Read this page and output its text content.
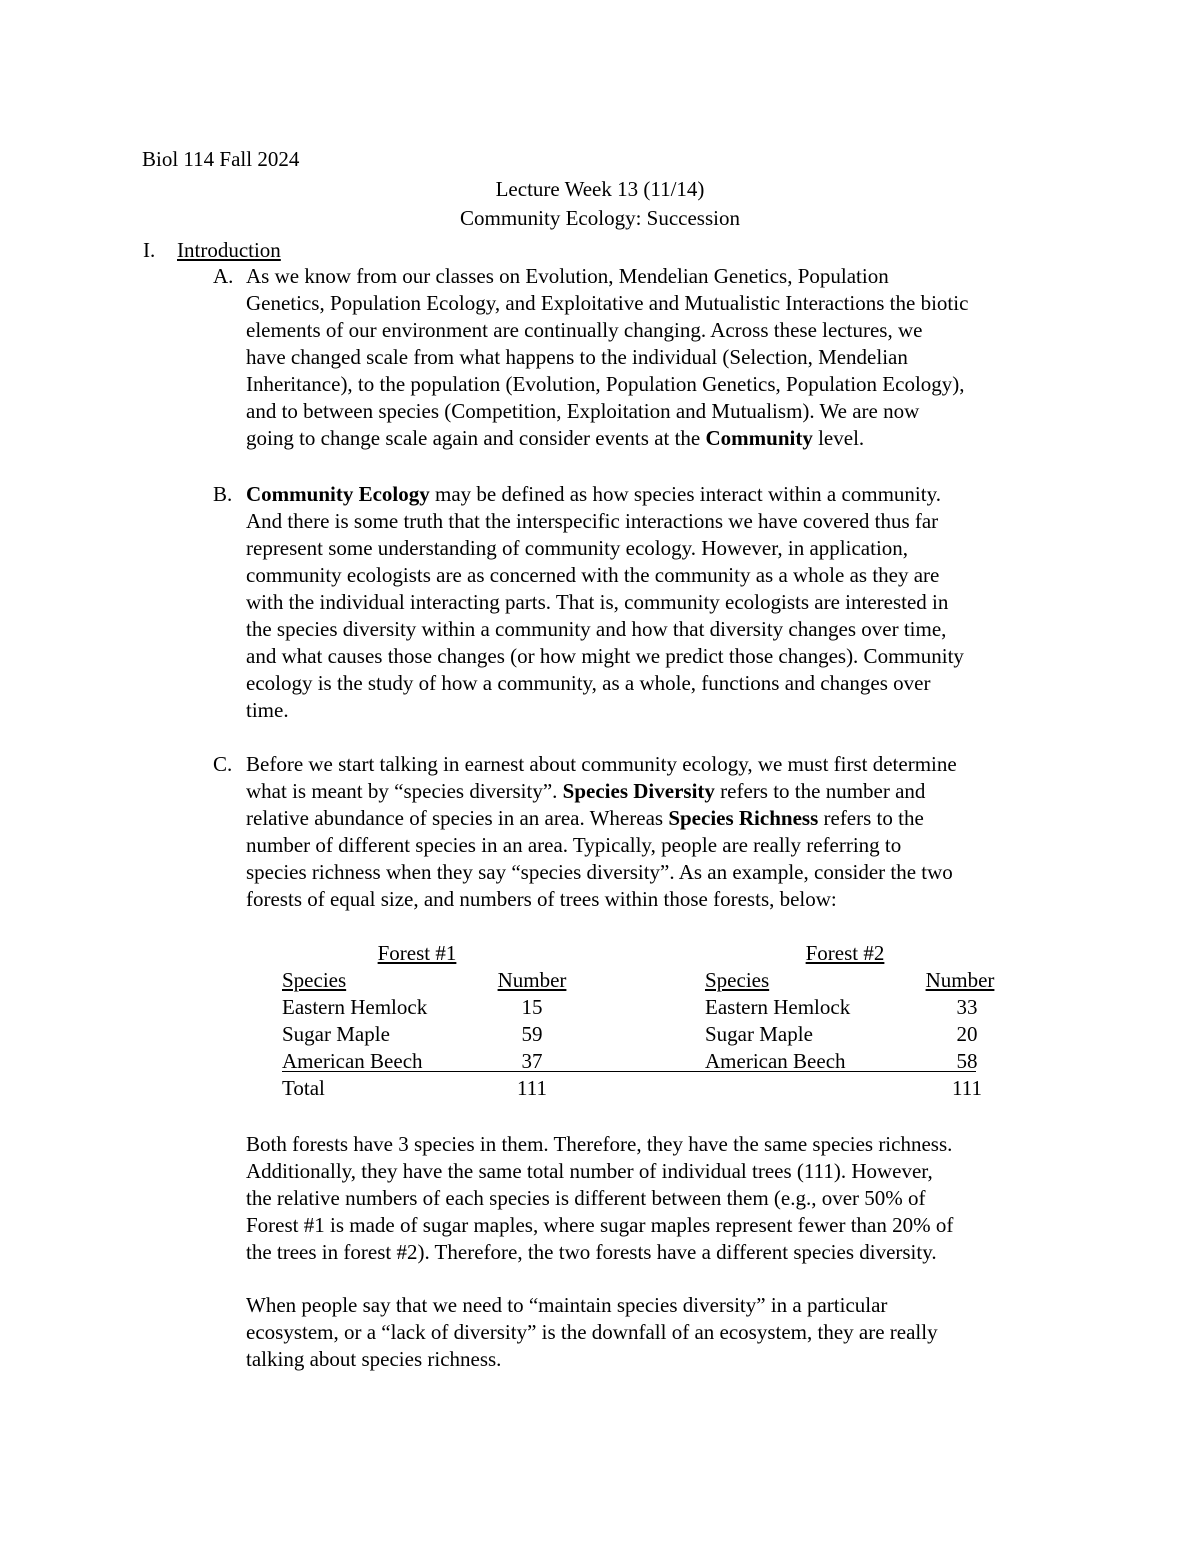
Biol 114 Fall 2024

Lecture Week 13 (11/14)

Community Ecology: Succession

I. Introduction

A. As we know from our classes on Evolution, Mendelian Genetics, Population
Genetics, Population Ecology, and Exploitative and Mutualistic Interactions the biotic
elements of our environment are continually changing. Across these lectures, we
have changed scale from what happens to the individual (Selection, Mendelian
Inheritance), to the population (Evolution, Population Genetics, Population Ecology),
and to between species (Competition, Exploitation and Mutualism). We are now
going to change scale again and consider events at the Community level.

B. Community Ecology may be defined as how species interact within a community.
And there is some truth that the interspecific interactions we have covered thus far
represent some understanding of community ecology. However, in application,
community ecologists are as concerned with the community as a whole as they are
with the individual interacting parts. That is, community ecologists are interested in
the species diversity within a community and how that diversity changes over time,
and what causes those changes (or how might we predict those changes). Community
ecology is the study of how a community, as a whole, functions and changes over
time.

C. Before we start talking in earnest about community ecology, we must first determine
what is meant by “species diversity”. Species Diversity refers to the number and
relative abundance of species in an area. Whereas Species Richness refers to the
number of different species in an area. Typically, people are really referring to
species richness when they say “species diversity”. As an example, consider the two
forests of equal size, and numbers of trees within those forests, below:
Forest #1
Species	Number
Eastern Hemlock	15
Sugar Maple	59
American Beech	37
Total	111
Forest #2
Species	Number
Eastern Hemlock	33
Sugar Maple	20
American Beech	58
111
Both forests have 3 species in them. Therefore, they have the same species richness.
Additionally, they have the same total number of individual trees (111). However,
the relative numbers of each species is different between them (e.g., over 50% of
Forest #1 is made of sugar maples, where sugar maples represent fewer than 20% of
the trees in forest #2). Therefore, the two forests have a different species diversity.
When people say that we need to “maintain species diversity” in a particular
ecosystem, or a “lack of diversity” is the downfall of an ecosystem, they are really
talking about species richness.
